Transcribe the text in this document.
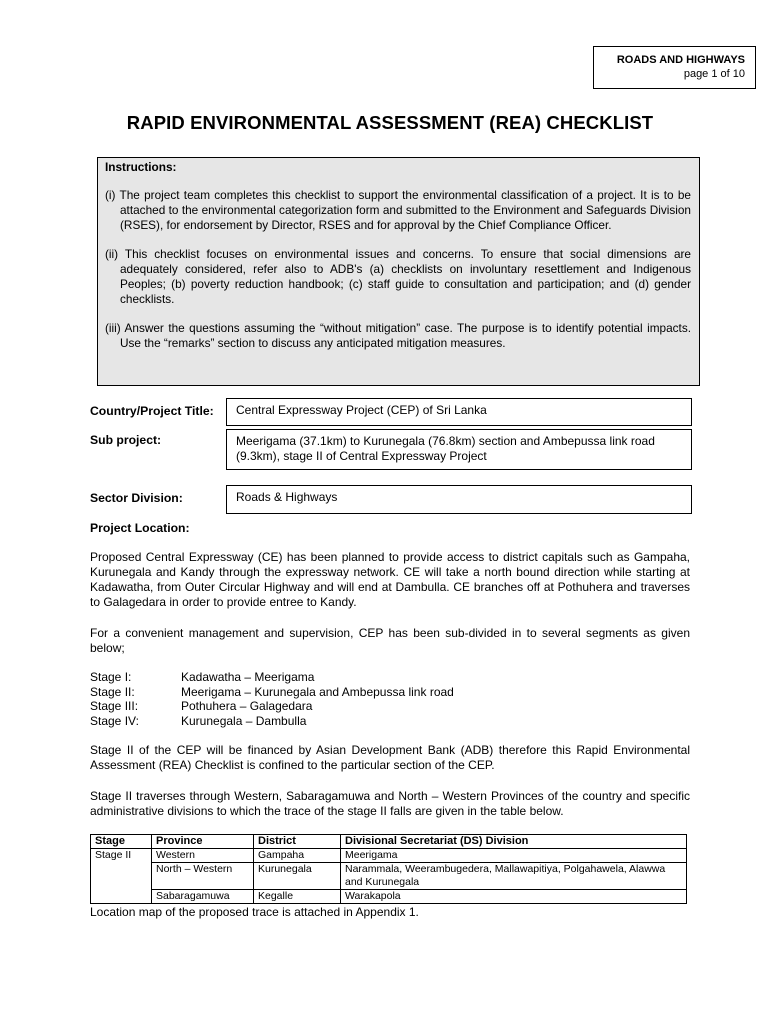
ROADS AND HIGHWAYS
page 1 of 10
RAPID ENVIRONMENTAL ASSESSMENT (REA) CHECKLIST
Instructions:
(i) The project team completes this checklist to support the environmental classification of a project. It is to be attached to the environmental categorization form and submitted to the Environment and Safeguards Division (RSES), for endorsement by Director, RSES and for approval by the Chief Compliance Officer.
(ii) This checklist focuses on environmental issues and concerns. To ensure that social dimensions are adequately considered, refer also to ADB's (a) checklists on involuntary resettlement and Indigenous Peoples; (b) poverty reduction handbook; (c) staff guide to consultation and participation; and (d) gender checklists.
(iii) Answer the questions assuming the “without mitigation” case. The purpose is to identify potential impacts. Use the “remarks” section to discuss any anticipated mitigation measures.
Country/Project Title:	Central Expressway Project (CEP) of Sri Lanka
Sub project:	Meerigama (37.1km) to Kurunegala (76.8km) section and Ambepussa link road (9.3km), stage II of Central Expressway Project
Sector Division:	Roads & Highways
Project Location:
Proposed Central Expressway (CE) has been planned to provide access to district capitals such as Gampaha, Kurunegala and Kandy through the expressway network. CE will take a north bound direction while starting at Kadawatha, from Outer Circular Highway and will end at Dambulla. CE branches off at Pothuhera and traverses to Galagedara in order to provide entree to Kandy.
For a convenient management and supervision, CEP has been sub-divided in to several segments as given below;
Stage I:	Kadawatha – Meerigama
Stage II:	Meerigama – Kurunegala and Ambepussa link road
Stage III:	Pothuhera – Galagedara
Stage IV:	Kurunegala – Dambulla
Stage II of the CEP will be financed by Asian Development Bank (ADB) therefore this Rapid Environmental Assessment (REA) Checklist is confined to the particular section of the CEP.
Stage II traverses through Western, Sabaragamuwa and North – Western Provinces of the country and specific administrative divisions to which the trace of the stage II falls are given in the table below.
Stage	Province	District	Divisional Secretariat (DS) Division
Stage II	Western	Gampaha	Meerigama
	North – Western	Kurunegala	Narammala, Weerambugedera, Mallawapitiya, Polgahawela, Alawwa and Kurunegala
	Sabaragamuwa	Kegalle	Warakapola
Location map of the proposed trace is attached in Appendix 1.
